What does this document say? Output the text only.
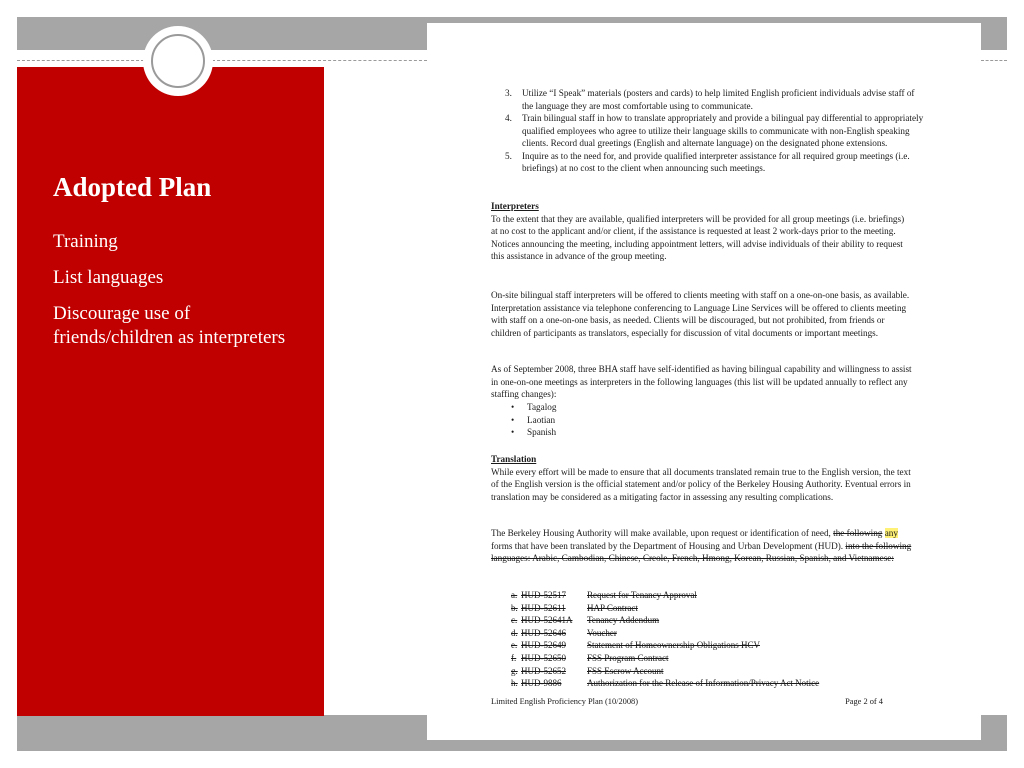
Adopted Plan
Training
List languages
Discourage use of friends/children as interpreters
3.	Utilize “I Speak” materials (posters and cards) to help limited English proficient individuals advise staff of the language they are most comfortable using to communicate.
4.	Train bilingual staff in how to translate appropriately and provide a bilingual pay differential to appropriately qualified employees who agree to utilize their language skills to communicate with non-English speaking clients. Record dual greetings (English and alternate language) on the designated phone extensions.
5.	Inquire as to the need for, and provide qualified interpreter assistance for all required group meetings (i.e. briefings) at no cost to the client when announcing such meetings.
Interpreters
To the extent that they are available, qualified interpreters will be provided for all group meetings (i.e. briefings) at no cost to the applicant and/or client, if the assistance is requested at least 2 work-days prior to the meeting. Notices announcing the meeting, including appointment letters, will advise individuals of their ability to request this assistance in advance of the group meeting.
On-site bilingual staff interpreters will be offered to clients meeting with staff on a one-on-one basis, as available. Interpretation assistance via telephone conferencing to Language Line Services will be offered to clients meeting with staff on a one-on-one basis, as needed. Clients will be discouraged, but not prohibited, from friends or children of participants as translators, especially for discussion of vital documents or important meetings.
As of September 2008, three BHA staff have self-identified as having bilingual capability and willingness to assist in one-on-one meetings as interpreters in the following languages (this list will be updated annually to reflect any staffing changes):
•	Tagalog
•	Laotian
•	Spanish
Translation
While every effort will be made to ensure that all documents translated remain true to the English version, the text of the English version is the official statement and/or policy of the Berkeley Housing Authority. Eventual errors in translation may be considered as a mitigating factor in assessing any resulting complications.
The Berkeley Housing Authority will make available, upon request or identification of need, the following any forms that have been translated by the Department of Housing and Urban Development (HUD). into the following languages: Arabic, Cambodian, Chinese, Creole, French, Hmong, Korean, Russian, Spanish, and Vietnamese:
a. HUD-52517	Request for Tenancy Approval
b. HUD-52611	HAP Contract
c. HUD-52641A	Tenancy Addendum
d. HUD-52646	Voucher
e. HUD-52649	Statement of Homeownership Obligations HCV
f. HUD-52650	FSS Program Contract
g. HUD-52652	FSS Escrow Account
h. HUD-9886	Authorization for the Release of Information/Privacy Act Notice
Limited English Proficiency Plan (10/2008)	Page 2 of 4
